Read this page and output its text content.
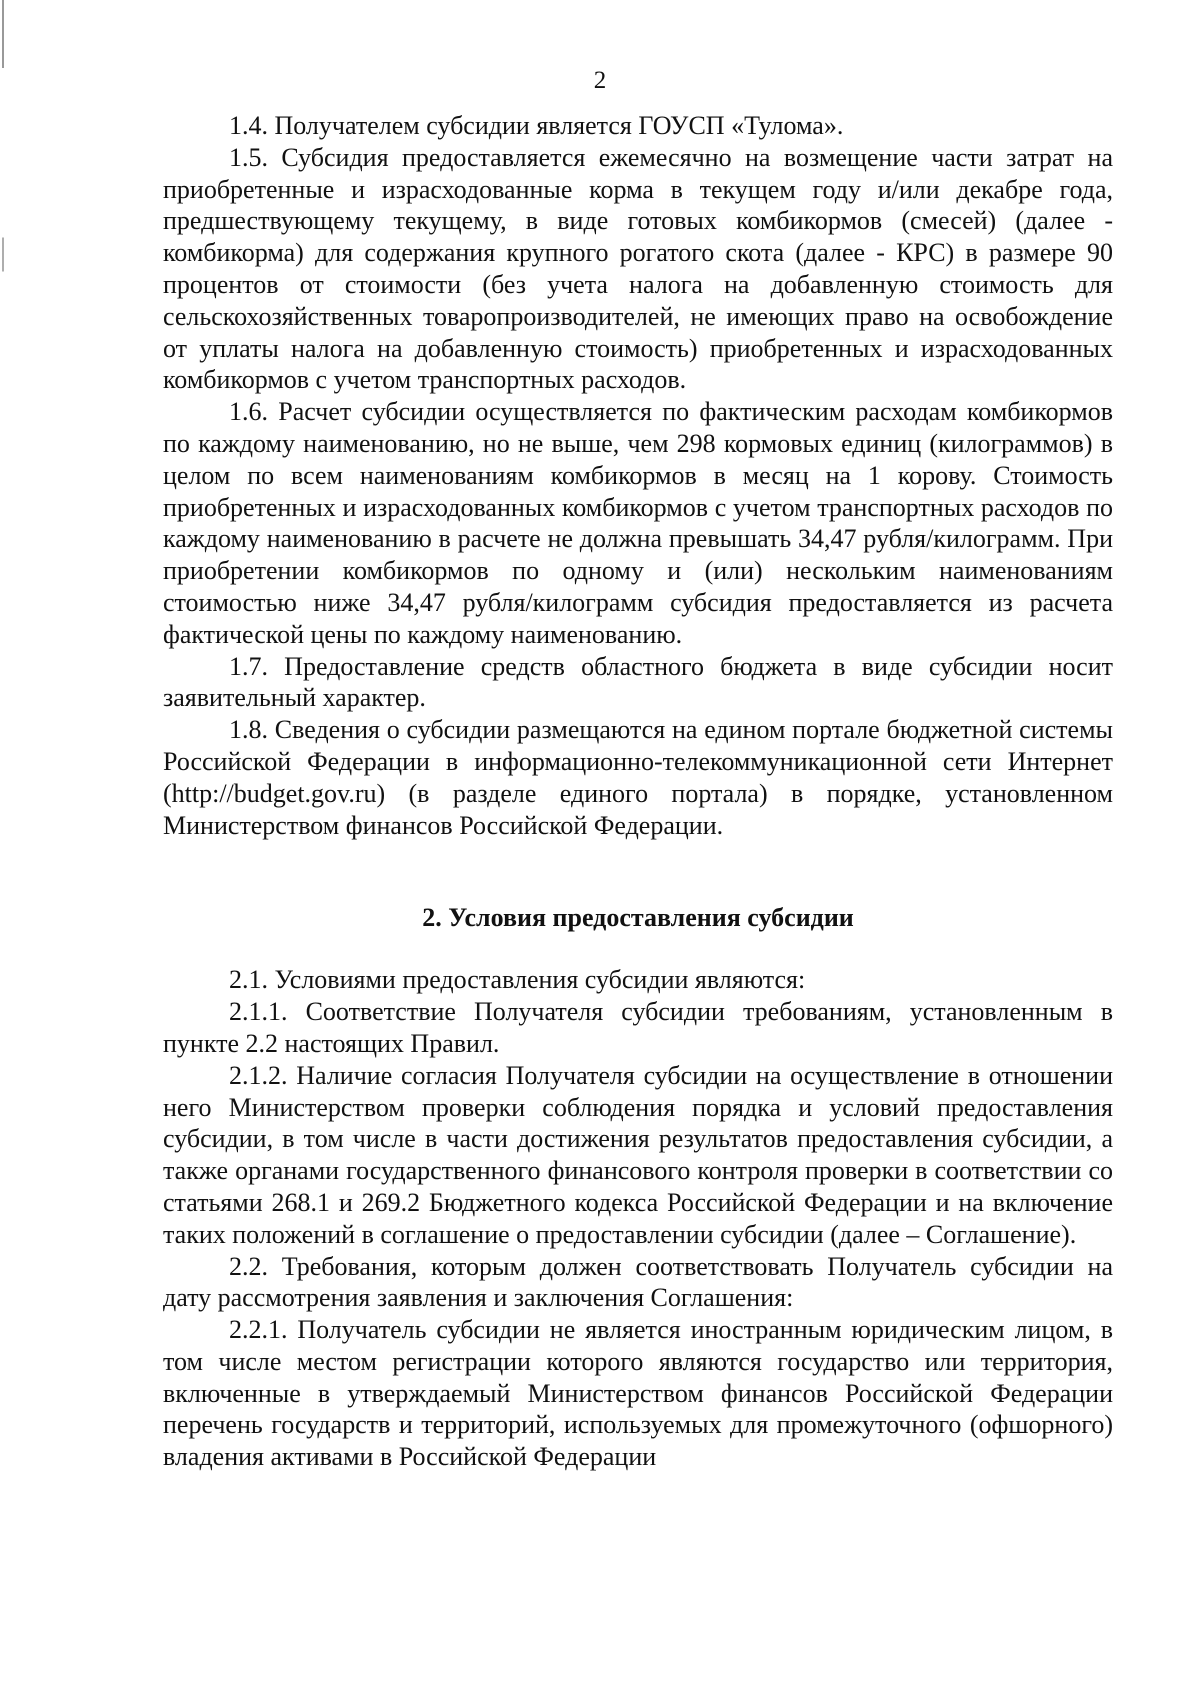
2

1.4. Получателем субсидии является ГОУСП «Тулома».

1.5. Субсидия предоставляется ежемесячно на возмещение части затрат на приобретенные и израсходованные корма в текущем году и/или декабре года, предшествующему текущему, в виде готовых комбикормов (смесей) (далее - комбикорма) для содержания крупного рогатого скота (далее - КРС) в размере 90 процентов от стоимости (без учета налога на добавленную стоимость для сельскохозяйственных товаропроизводителей, не имеющих право на освобождение от уплаты налога на добавленную стоимость) приобретенных и израсходованных комбикормов с учетом транспортных расходов.

1.6. Расчет субсидии осуществляется по фактическим расходам комбикормов по каждому наименованию, но не выше, чем 298 кормовых единиц (килограммов) в целом по всем наименованиям комбикормов в месяц на 1 корову. Стоимость приобретенных и израсходованных комбикормов с учетом транспортных расходов по каждому наименованию в расчете не должна превышать 34,47 рубля/килограмм. При приобретении комбикормов по одному и (или) нескольким наименованиям стоимостью ниже 34,47 рубля/килограмм субсидия предоставляется из расчета фактической цены по каждому наименованию.

1.7. Предоставление средств областного бюджета в виде субсидии носит заявительный характер.

1.8. Сведения о субсидии размещаются на едином портале бюджетной системы Российской Федерации в информационно-телекоммуникационной сети Интернет (http://budget.gov.ru) (в разделе единого портала) в порядке, установленном Министерством финансов Российской Федерации.

2. Условия предоставления субсидии

2.1. Условиями предоставления субсидии являются:

2.1.1. Соответствие Получателя субсидии требованиям, установленным в пункте 2.2 настоящих Правил.

2.1.2. Наличие согласия Получателя субсидии на осуществление в отношении него Министерством проверки соблюдения порядка и условий предоставления субсидии, в том числе в части достижения результатов предоставления субсидии, а также органами государственного финансового контроля проверки в соответствии со статьями 268.1 и 269.2 Бюджетного кодекса Российской Федерации и на включение таких положений в соглашение о предоставлении субсидии (далее – Соглашение).

2.2. Требования, которым должен соответствовать Получатель субсидии на дату рассмотрения заявления и заключения Соглашения:

2.2.1. Получатель субсидии не является иностранным юридическим лицом, в том числе местом регистрации которого являются государство или территория, включенные в утверждаемый Министерством финансов Российской Федерации перечень государств и территорий, используемых для промежуточного (офшорного) владения активами в Российской Федерации
